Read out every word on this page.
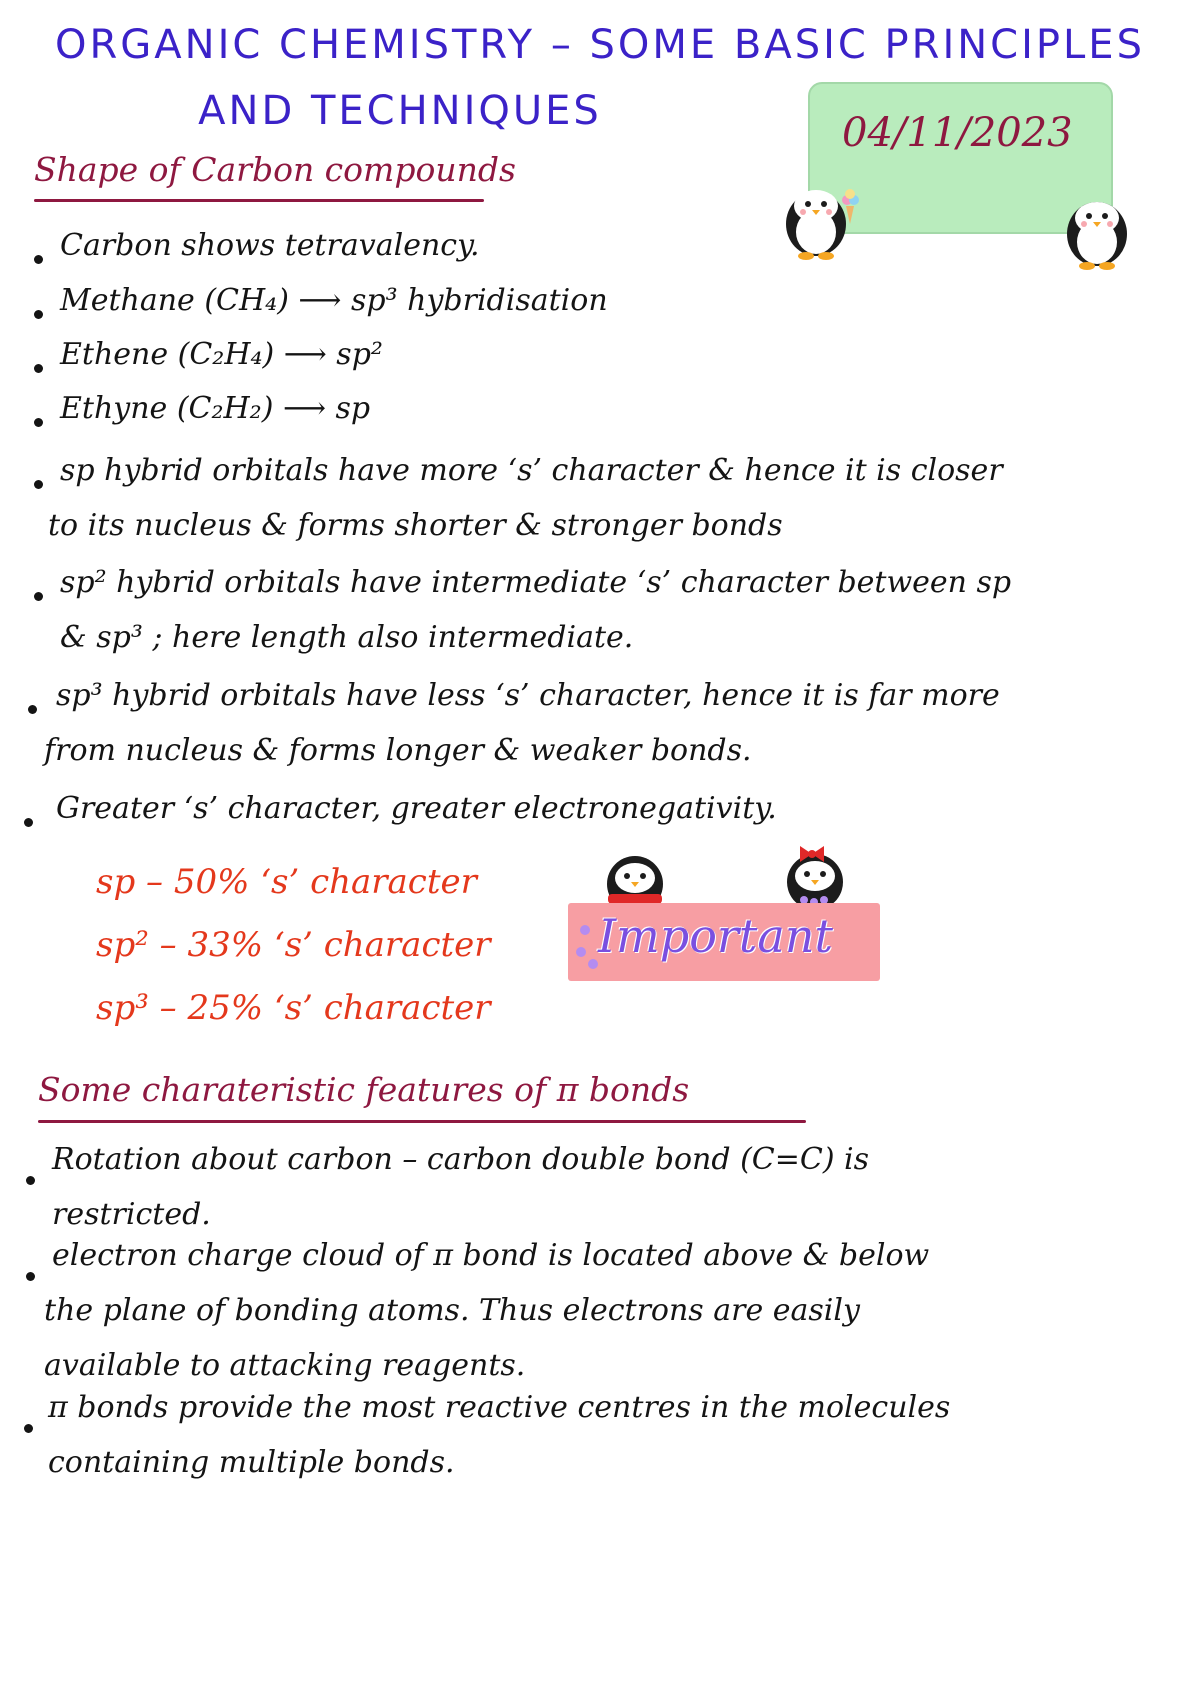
ORGANIC CHEMISTRY – SOME BASIC PRINCIPLES
AND TECHNIQUES	04/11/2023
Shape of Carbon compounds
Carbon shows tetravalency.
Methane (CH₄) ⟶ sp³ hybridisation
Ethene (C₂H₄) ⟶ sp²
Ethyne (C₂H₂) ⟶ sp
sp hybrid orbitals have more ‘s’ character & hence it is closer
to its nucleus & forms shorter & stronger bonds
sp² hybrid orbitals have intermediate ‘s’ character between sp
& sp³ ; here length also intermediate.
sp³ hybrid orbitals have less ‘s’ character, hence it is far more
from nucleus & forms longer & weaker bonds.
Greater ‘s’ character, greater electronegativity.
sp – 50% ‘s’ character
sp² – 33% ‘s’ character
sp³ – 25% ‘s’ character
Important
Some charateristic features of π bonds
Rotation about carbon – carbon double bond (C=C) is
restricted.
electron charge cloud of π bond is located above & below
the plane of bonding atoms. Thus electrons are easily
available to attacking reagents.
π bonds provide the most reactive centres in the molecules
containing multiple bonds.
